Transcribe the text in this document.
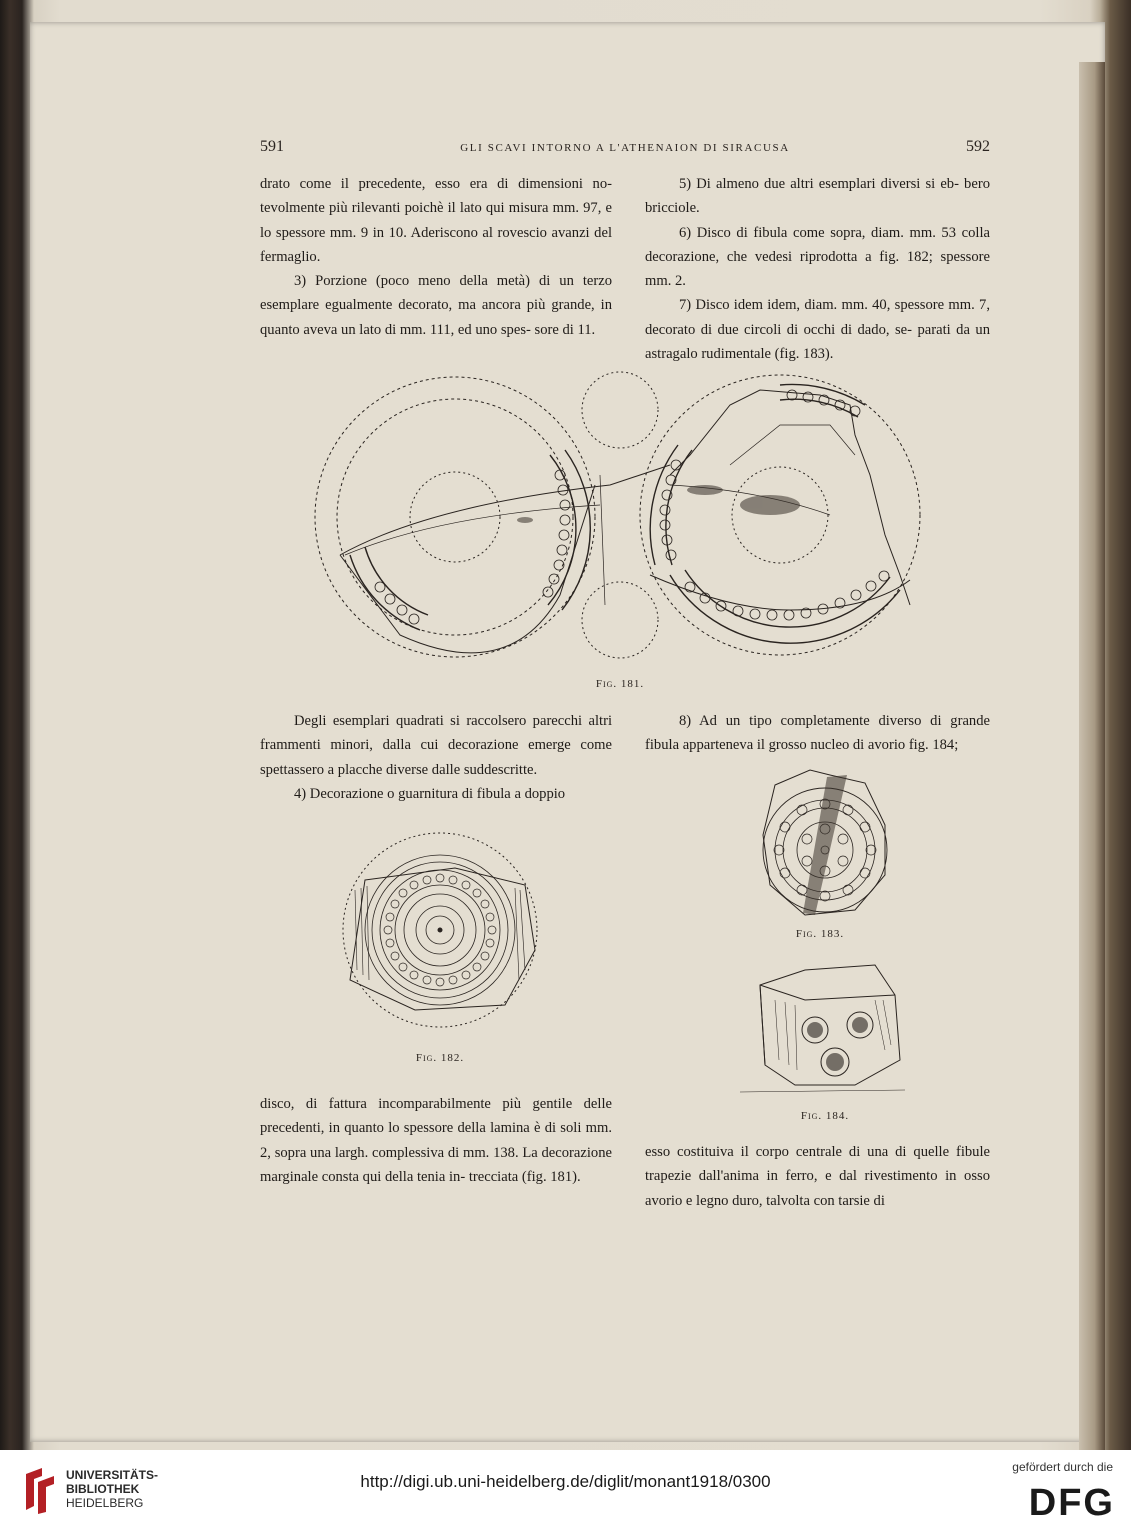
591	GLI SCAVI INTORNO A L'ATHENAION DI SIRACUSA	592

drato come il precedente, esso era di dimensioni no- tevolmente più rilevanti poichè il lato qui misura mm. 97, e lo spessore mm. 9 in 10. Aderiscono al rovescio avanzi del fermaglio.

3) Porzione (poco meno della metà) di un terzo esemplare egualmente decorato, ma ancora più grande, in quanto aveva un lato di mm. 111, ed uno spes- sore di 11.

5) Di almeno due altri esemplari diversi si eb- bero bricciole.

6) Disco di fibula come sopra, diam. mm. 53 colla decorazione, che vedesi riprodotta a fig. 182; spessore mm. 2.

7) Disco idem idem, diam. mm. 40, spessore mm. 7, decorato di due circoli di occhi di dado, se- parati da un astragalo rudimentale (fig. 183).

Fig. 181.

Degli esemplari quadrati si raccolsero parecchi altri frammenti minori, dalla cui decorazione emerge come spettassero a placche diverse dalle suddescritte.

4) Decorazione o guarnitura di fibula a doppio

8) Ad un tipo completamente diverso di grande fibula apparteneva il grosso nucleo di avorio fig. 184;

Fig. 182.
Fig. 183.
Fig. 184.

disco, di fattura incomparabilmente più gentile delle precedenti, in quanto lo spessore della lamina è di soli mm. 2, sopra una largh. complessiva di mm. 138. La decorazione marginale consta qui della tenia in- trecciata (fig. 181).

esso costituiva il corpo centrale di una di quelle fibule trapezie dall'anima in ferro, e dal rivestimento in osso avorio e legno duro, talvolta con tarsie di

UNIVERSITÄTS-
BIBLIOTHEK
HEIDELBERG
http://digi.ub.uni-heidelberg.de/diglit/monant1918/0300
gefördert durch die
DFG
